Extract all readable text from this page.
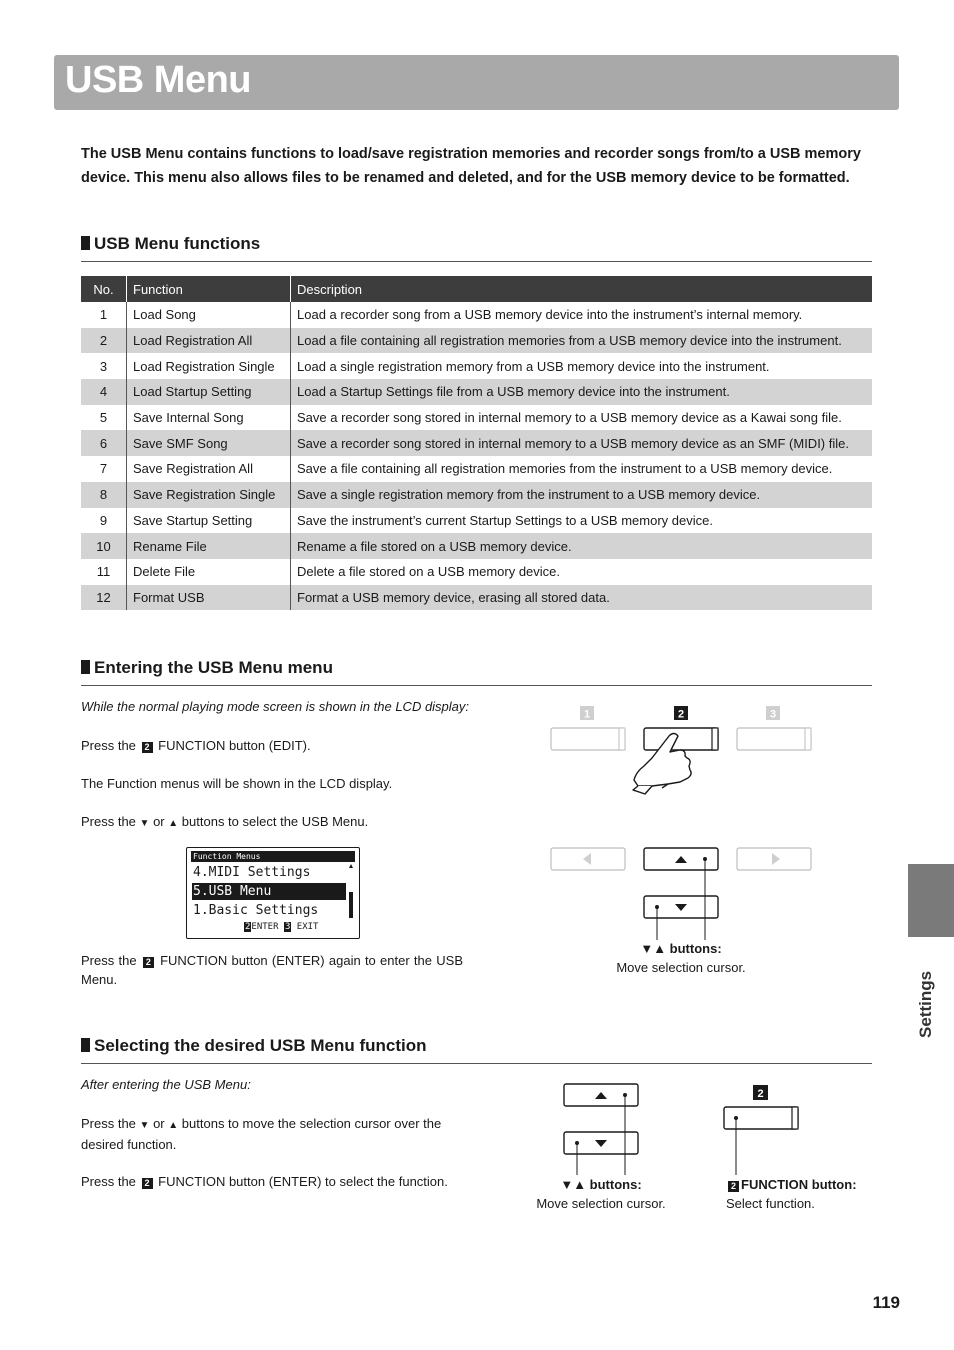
USB Menu

The USB Menu contains functions to load/save registration memories and recorder songs from/to a USB memory device. This menu also allows files to be renamed and deleted, and for the USB memory device to be formatted.

USB Menu functions
No.	Function	Description
1	Load Song	Load a recorder song from a USB memory device into the instrument’s internal memory.
2	Load Registration All	Load a file containing all registration memories from a USB memory device into the instrument.
3	Load Registration Single	Load a single registration memory from a USB memory device into the instrument.
4	Load Startup Setting	Load a Startup Settings file from a USB memory device into the instrument.
5	Save Internal Song	Save a recorder song stored in internal memory to a USB memory device as a Kawai song file.
6	Save SMF Song	Save a recorder song stored in internal memory to a USB memory device as an SMF (MIDI) file.
7	Save Registration All	Save a file containing all registration memories from the instrument to a USB memory device.
8	Save Registration Single	Save a single registration memory from the instrument to a USB memory device.
9	Save Startup Setting	Save the instrument’s current Startup Settings to a USB memory device.
10	Rename File	Rename a file stored on a USB memory device.
11	Delete File	Delete a file stored on a USB memory device.
12	Format USB	Format a USB memory device, erasing all stored data.
Entering the USB Menu menu

While the normal playing mode screen is shown in the LCD display:

Press the 2 FUNCTION button (EDIT).

The Function menus will be shown in the LCD display.

Press the ▼ or ▲ buttons to select the USB Menu.

Function Menus
4.MIDI Settings
5.USB Menu
1.Basic Settings
2ENTER 3 EXIT

Press the 2 FUNCTION button (ENTER) again to enter the USB Menu.

1	2	3

▼▲ buttons:
Move selection cursor.

Selecting the desired USB Menu function

After entering the USB Menu:

Press the ▼ or ▲ buttons to move the selection cursor over the desired function.

Press the 2 FUNCTION button (ENTER) to select the function.

2

▼▲ buttons:
Move selection cursor.

2 FUNCTION button:
Select function.

Settings
119
